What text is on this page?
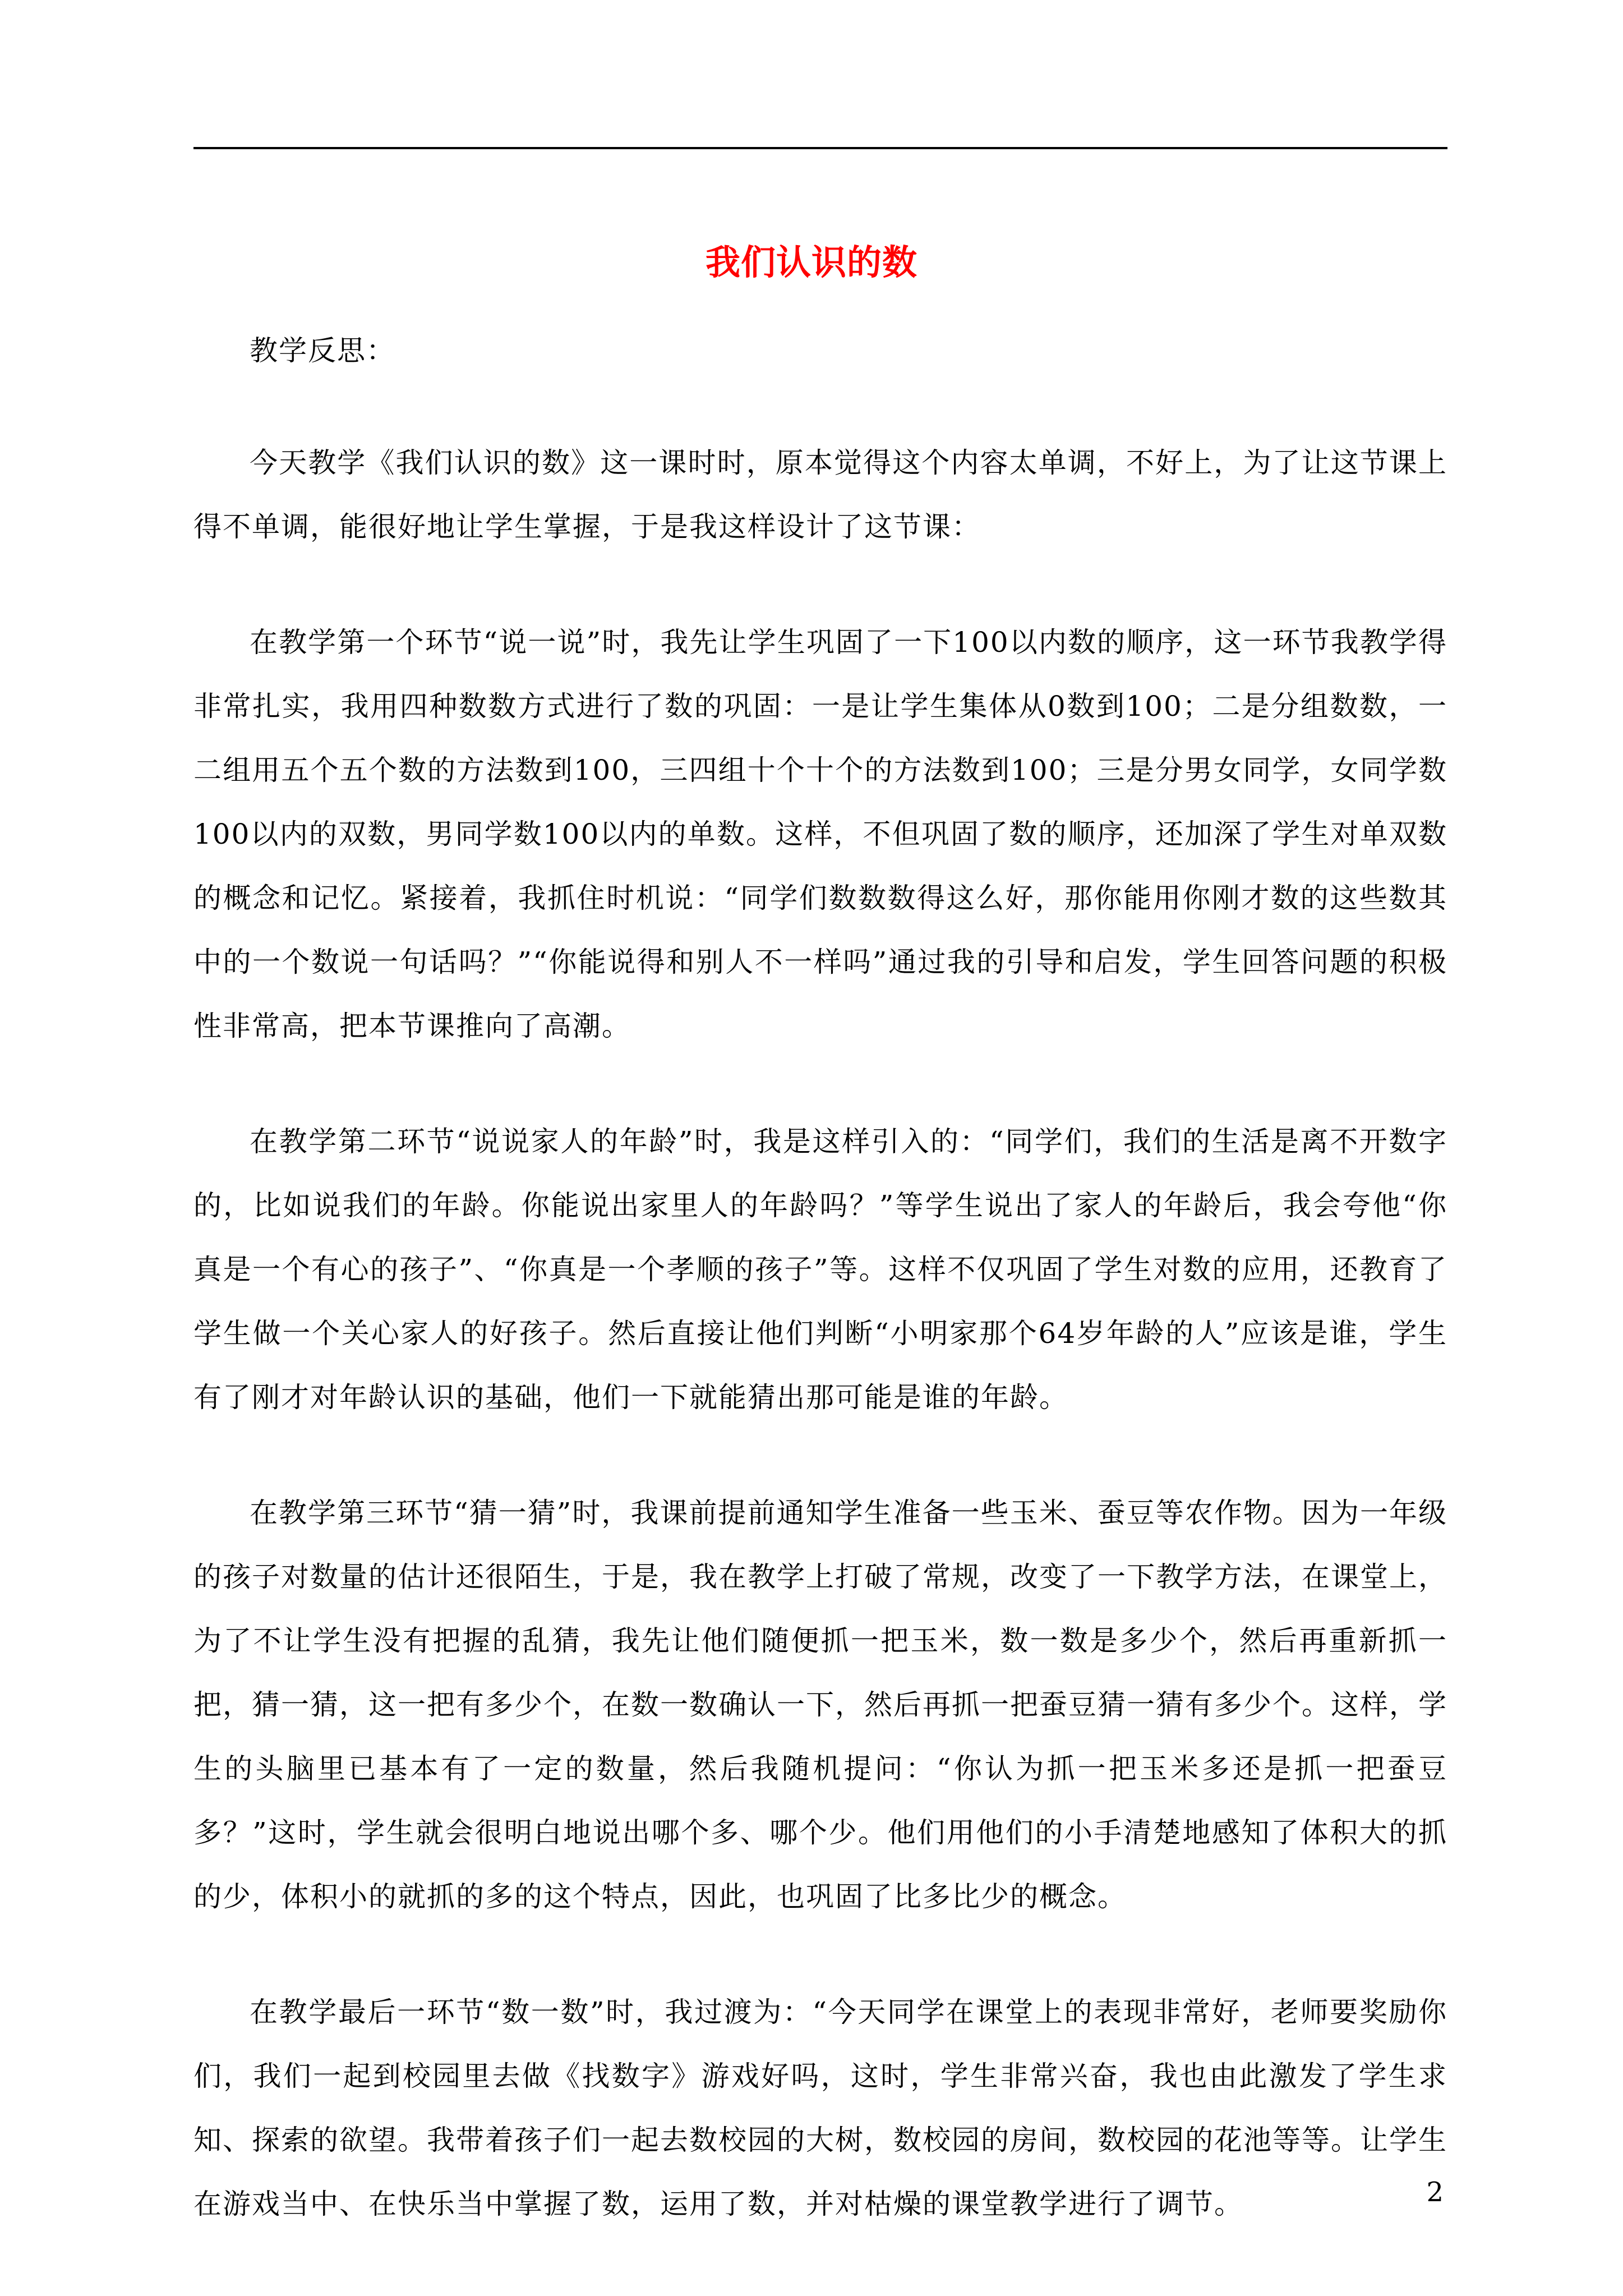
我们认识的数

教学反思：

今天教学《我们认识的数》这一课时时，原本觉得这个内容太单调，不好上，为了让这节课上得不单调，能很好地让学生掌握，于是我这样设计了这节课：

在教学第一个环节“说一说”时，我先让学生巩固了一下100以内数的顺序，这一环节我教学得非常扎实，我用四种数数方式进行了数的巩固：一是让学生集体从0数到100；二是分组数数，一二组用五个五个数的方法数到100，三四组十个十个的方法数到100；三是分男女同学，女同学数100以内的双数，男同学数100以内的单数。这样，不但巩固了数的顺序，还加深了学生对单双数的概念和记忆。紧接着，我抓住时机说：“同学们数数数得这么好，那你能用你刚才数的这些数其中的一个数说一句话吗？”“你能说得和别人不一样吗”通过我的引导和启发，学生回答问题的积极性非常高，把本节课推向了高潮。

在教学第二环节“说说家人的年龄”时，我是这样引入的：“同学们，我们的生活是离不开数字的，比如说我们的年龄。你能说出家里人的年龄吗？”等学生说出了家人的年龄后，我会夸他“你真是一个有心的孩子”、“你真是一个孝顺的孩子”等。这样不仅巩固了学生对数的应用，还教育了学生做一个关心家人的好孩子。然后直接让他们判断“小明家那个64岁年龄的人”应该是谁，学生有了刚才对年龄认识的基础，他们一下就能猜出那可能是谁的年龄。

在教学第三环节“猜一猜”时，我课前提前通知学生准备一些玉米、蚕豆等农作物。因为一年级的孩子对数量的估计还很陌生，于是，我在教学上打破了常规，改变了一下教学方法，在课堂上，为了不让学生没有把握的乱猜，我先让他们随便抓一把玉米，数一数是多少个，然后再重新抓一把，猜一猜，这一把有多少个，在数一数确认一下，然后再抓一把蚕豆猜一猜有多少个。这样，学生的头脑里已基本有了一定的数量，然后我随机提问：“你认为抓一把玉米多还是抓一把蚕豆多？”这时，学生就会很明白地说出哪个多、哪个少。他们用他们的小手清楚地感知了体积大的抓的少，体积小的就抓的多的这个特点，因此，也巩固了比多比少的概念。

在教学最后一环节“数一数”时，我过渡为：“今天同学在课堂上的表现非常好，老师要奖励你们，我们一起到校园里去做《找数字》游戏好吗，这时，学生非常兴奋，我也由此激发了学生求知、探索的欲望。我带着孩子们一起去数校园的大树，数校园的房间，数校园的花池等等。让学生在游戏当中、在快乐当中掌握了数，运用了数，并对枯燥的课堂教学进行了调节。	2
